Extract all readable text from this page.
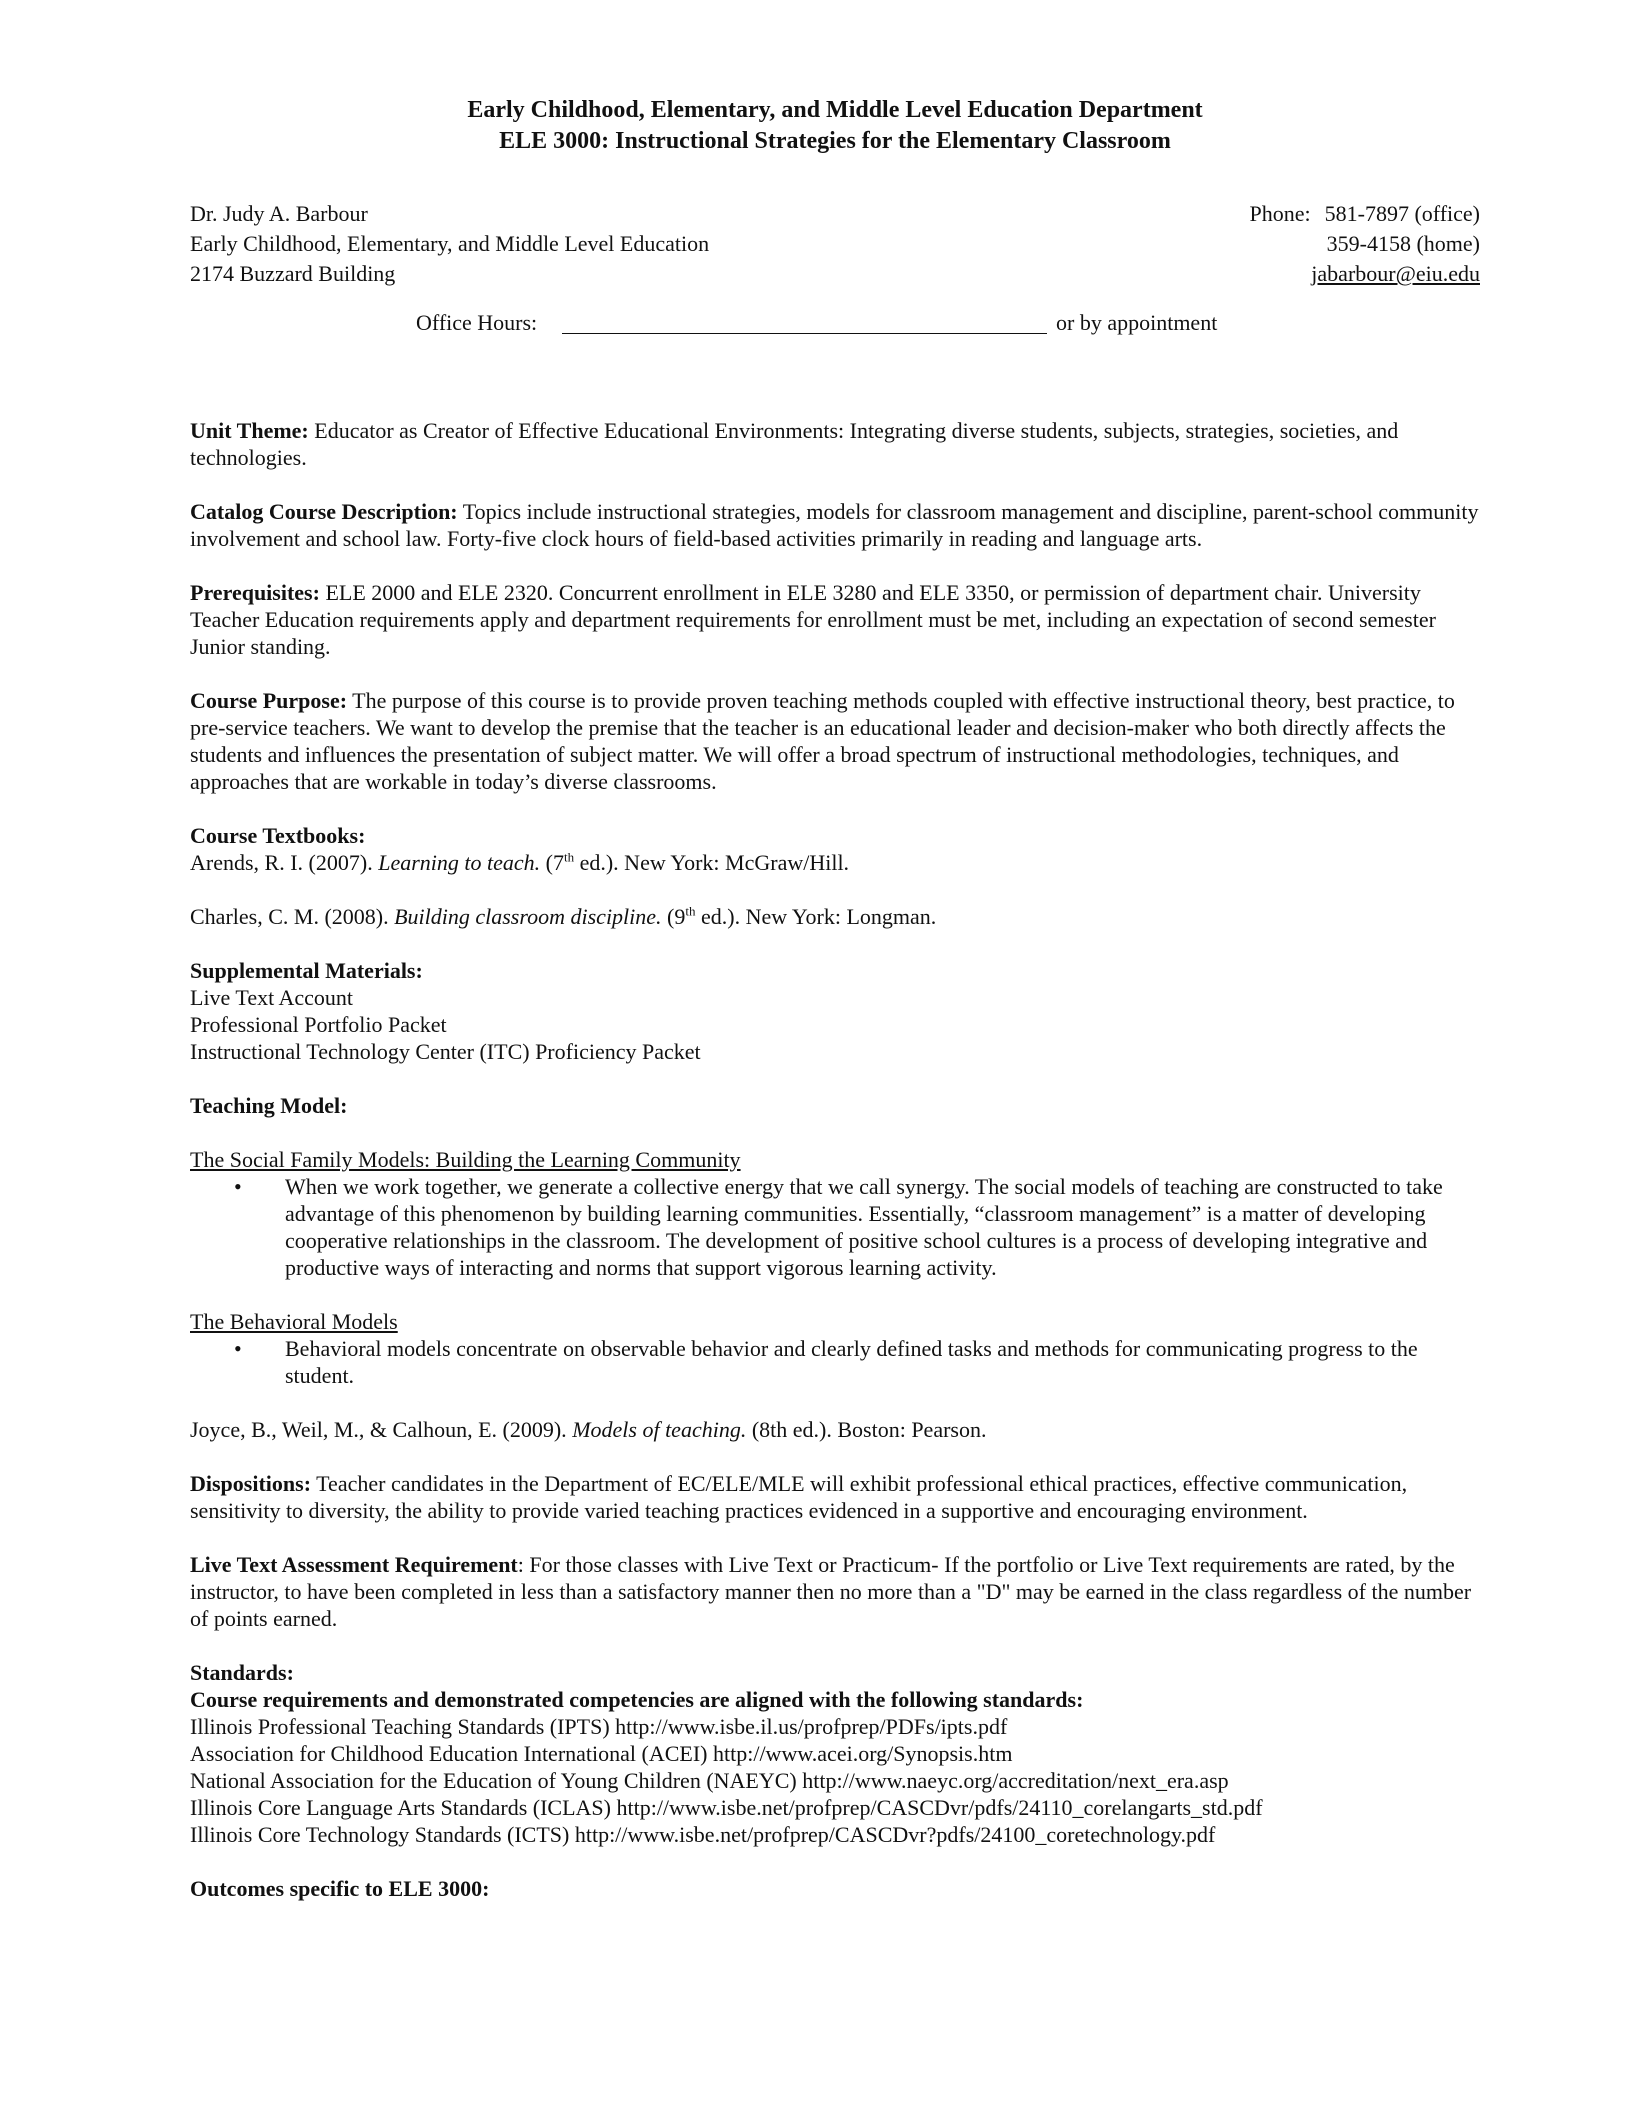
Early Childhood, Elementary, and Middle Level Education Department
ELE 3000: Instructional Strategies for the Elementary Classroom
Dr. Judy A. Barbour
Early Childhood, Elementary, and Middle Level Education
2174 Buzzard Building
Phone: 581-7897 (office)
359-4158 (home)
jabarbour@eiu.edu
Office Hours:	or by appointment
Unit Theme: Educator as Creator of Effective Educational Environments: Integrating diverse students, subjects, strategies, societies, and technologies.
Catalog Course Description: Topics include instructional strategies, models for classroom management and discipline, parent-school community involvement and school law. Forty-five clock hours of field-based activities primarily in reading and language arts.
Prerequisites: ELE 2000 and ELE 2320. Concurrent enrollment in ELE 3280 and ELE 3350, or permission of department chair. University Teacher Education requirements apply and department requirements for enrollment must be met, including an expectation of second semester Junior standing.
Course Purpose: The purpose of this course is to provide proven teaching methods coupled with effective instructional theory, best practice, to pre-service teachers. We want to develop the premise that the teacher is an educational leader and decision-maker who both directly affects the students and influences the presentation of subject matter. We will offer a broad spectrum of instructional methodologies, techniques, and approaches that are workable in today’s diverse classrooms.
Course Textbooks:
Arends, R. I. (2007). Learning to teach. (7th ed.). New York: McGraw/Hill.
Charles, C. M. (2008). Building classroom discipline. (9th ed.). New York: Longman.
Supplemental Materials:
Live Text Account
Professional Portfolio Packet
Instructional Technology Center (ITC) Proficiency Packet
Teaching Model:
The Social Family Models: Building the Learning Community
• When we work together, we generate a collective energy that we call synergy. The social models of teaching are constructed to take advantage of this phenomenon by building learning communities. Essentially, “classroom management” is a matter of developing cooperative relationships in the classroom. The development of positive school cultures is a process of developing integrative and productive ways of interacting and norms that support vigorous learning activity.
The Behavioral Models
• Behavioral models concentrate on observable behavior and clearly defined tasks and methods for communicating progress to the student.
Joyce, B., Weil, M., & Calhoun, E. (2009). Models of teaching. (8th ed.). Boston: Pearson.
Dispositions: Teacher candidates in the Department of EC/ELE/MLE will exhibit professional ethical practices, effective communication, sensitivity to diversity, the ability to provide varied teaching practices evidenced in a supportive and encouraging environment.
Live Text Assessment Requirement: For those classes with Live Text or Practicum- If the portfolio or Live Text requirements are rated, by the instructor, to have been completed in less than a satisfactory manner then no more than a "D" may be earned in the class regardless of the number of points earned.
Standards:
Course requirements and demonstrated competencies are aligned with the following standards:
Illinois Professional Teaching Standards (IPTS) http://www.isbe.il.us/profprep/PDFs/ipts.pdf
Association for Childhood Education International (ACEI) http://www.acei.org/Synopsis.htm
National Association for the Education of Young Children (NAEYC) http://www.naeyc.org/accreditation/next_era.asp
Illinois Core Language Arts Standards (ICLAS) http://www.isbe.net/profprep/CASCDvr/pdfs/24110_corelangarts_std.pdf
Illinois Core Technology Standards (ICTS) http://www.isbe.net/profprep/CASCDvr?pdfs/24100_coretechnology.pdf
Outcomes specific to ELE 3000:
